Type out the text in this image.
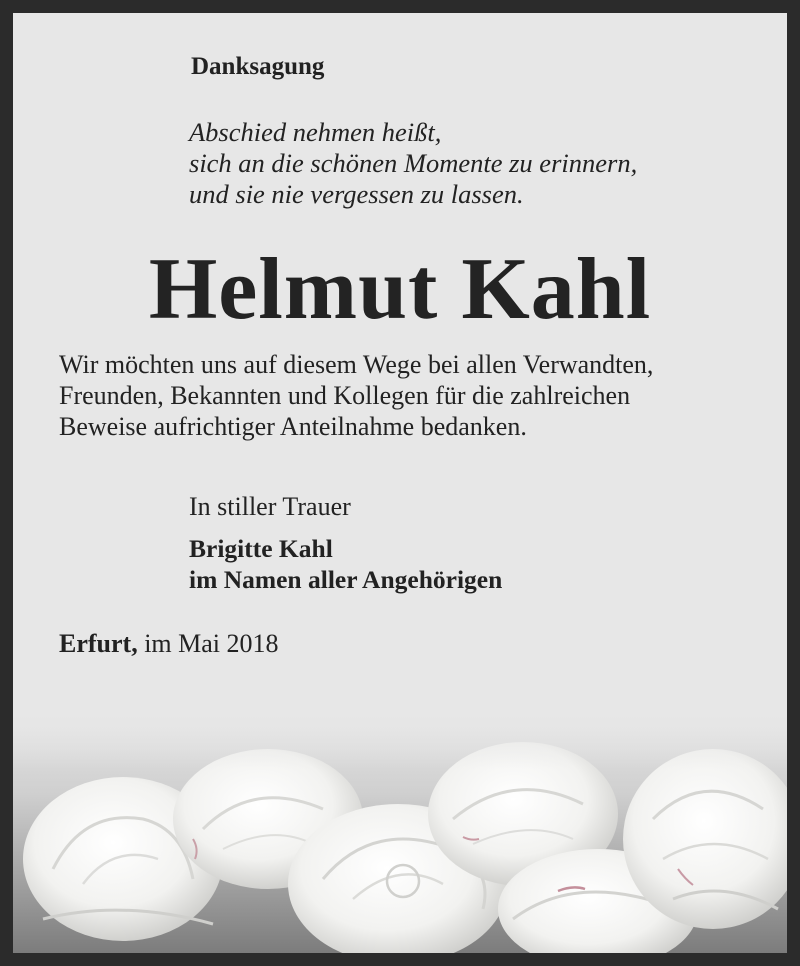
Danksagung
Abschied nehmen heißt,
sich an die schönen Momente zu erinnern,
und sie nie vergessen zu lassen.
Helmut Kahl
Wir möchten uns auf diesem Wege bei allen Verwandten,
Freunden, Bekannten und Kollegen für die zahlreichen
Beweise aufrichtiger Anteilnahme bedanken.
In stiller Trauer
Brigitte Kahl
im Namen aller Angehörigen
Erfurt, im Mai 2018
